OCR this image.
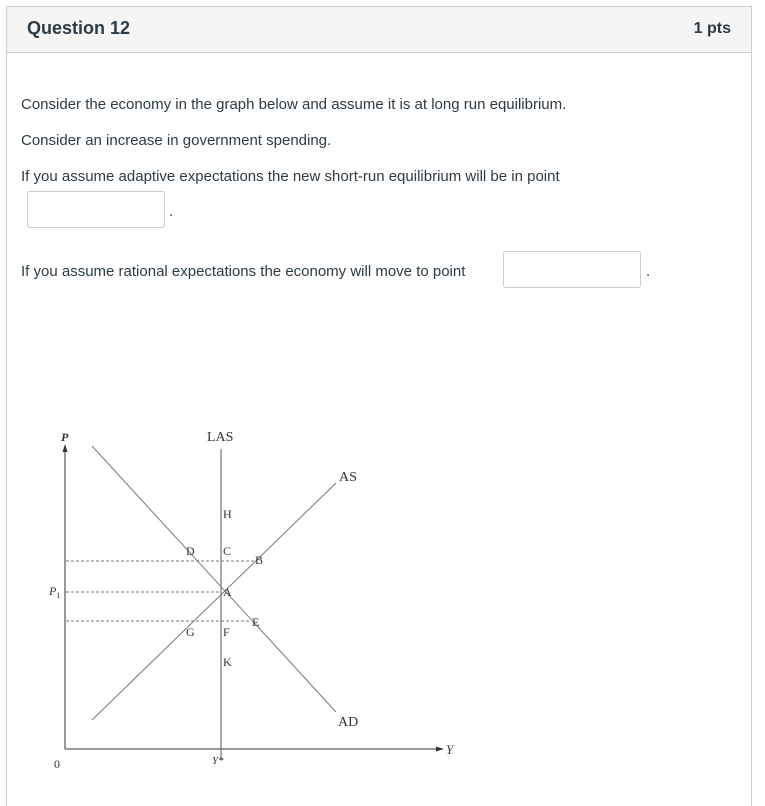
Question 12	1 pts
Consider the economy in the graph below and assume it is at long run equilibrium.
Consider an increase in government spending.
If you assume adaptive expectations the new short-run equilibrium will be in point
.
If you assume rational expectations the economy will move to point	.
P
Y
0
$P_1$
Y*
LAS
AS
AD
H
D C
B
A
E
G F
K
